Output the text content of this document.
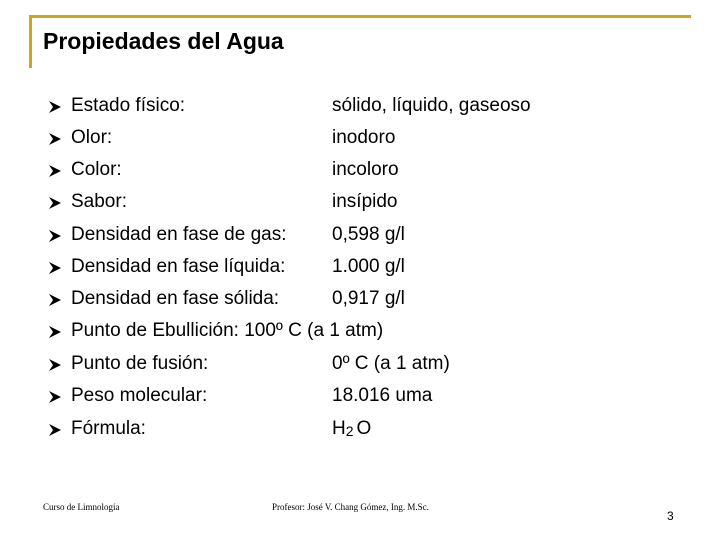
Propiedades del Agua
Estado físico:	sólido, líquido, gaseoso
Olor:	inodoro
Color:	incoloro
Sabor:	insípido
Densidad en fase de gas: 0,598 g/l
Densidad en fase líquida: 1.000 g/l
Densidad en fase sólida:	0,917 g/l
Punto de Ebullición: 100º C (a 1 atm)
Punto de fusión:	0º C (a 1 atm)
Peso molecular:	18.016 uma
Fórmula:	$H_2$ O
Curso de Limnología	Profesor: José V. Chang Gómez, Ing. M.Sc.
3
